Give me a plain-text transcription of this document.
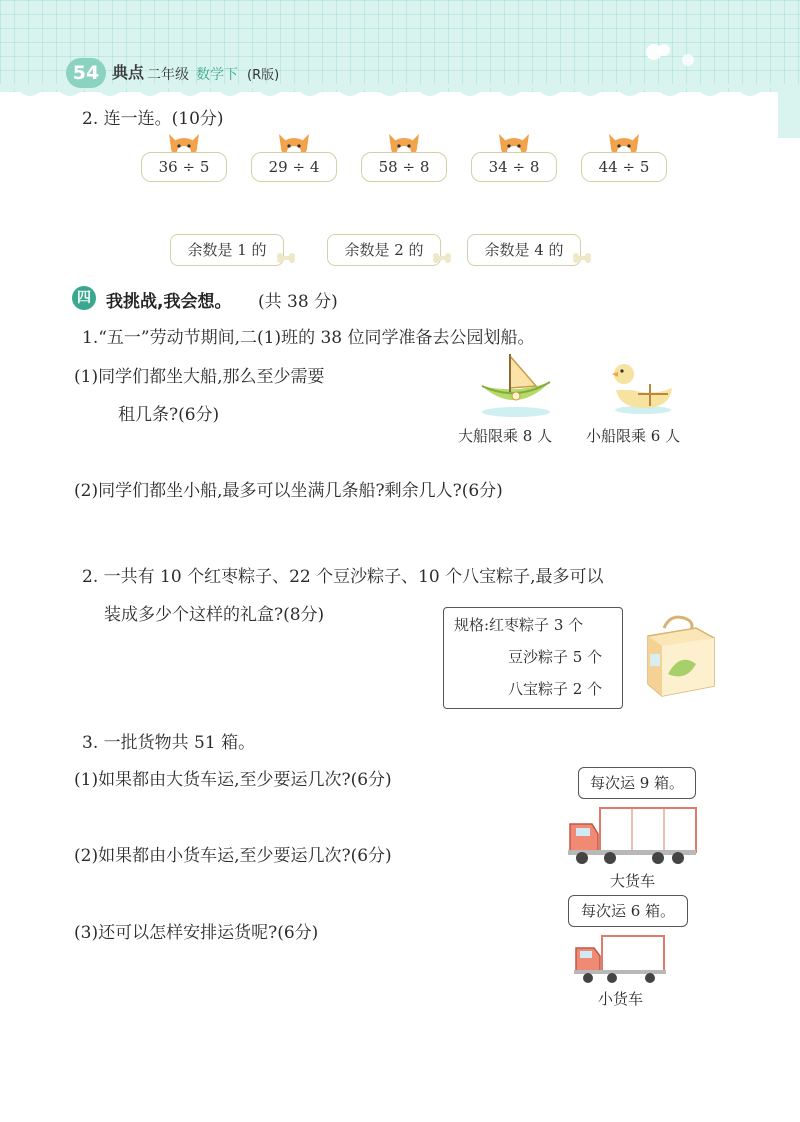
54 典点 二年级 数学下 (R版)
2. 连一连。(10分)
36 ÷ 5	29 ÷ 4	58 ÷ 8	34 ÷ 8	44 ÷ 5
余数是 1 的	余数是 2 的	余数是 4 的
四 我挑战,我会想。 (共 38 分)
1.“五一”劳动节期间,二(1)班的 38 位同学准备去公园划船。
(1)同学们都坐大船,那么至少需要
租几条?(6分)
大船限乘 8 人 小船限乘 6 人
(2)同学们都坐小船,最多可以坐满几条船?剩余几人?(6分)
2. 一共有 10 个红枣粽子、22 个豆沙粽子、10 个八宝粽子,最多可以
装成多少个这样的礼盒?(8分)	规格:红枣粽子 3 个
豆沙粽子 5 个
八宝粽子 2 个
3. 一批货物共 51 箱。
(1)如果都由大货车运,至少要运几次?(6分)
(2)如果都由小货车运,至少要运几次?(6分)
(3)还可以怎样安排运货呢?(6分)
每次运 9 箱。
大货车
每次运 6 箱。
小货车
